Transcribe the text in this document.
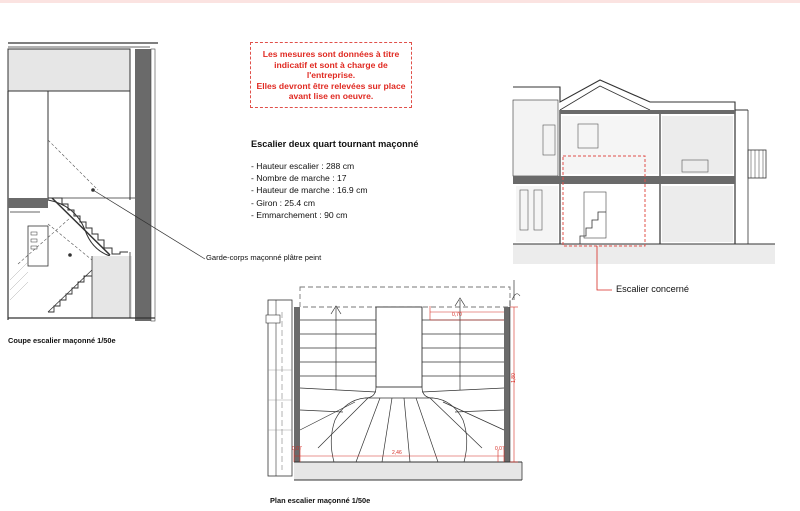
Garde-corps maçonné plâtre peint
Coupe escalier maçonné 1/50e
Les mesures sont données à titre
indicatif et sont à charge de
l'entreprise.
Elles devront être relevées sur place
avant lise en oeuvre.
Escalier deux quart tournant maçonné
- Hauteur escalier : 288 cm
- Nombre de marche : 17
- Hauteur de marche : 16.9 cm
- Giron : 25.4 cm
- Emmarchement : 90 cm
Escalier concerné
2,46
0,07	0,07
0,70
1,80
Plan escalier maçonné 1/50e
